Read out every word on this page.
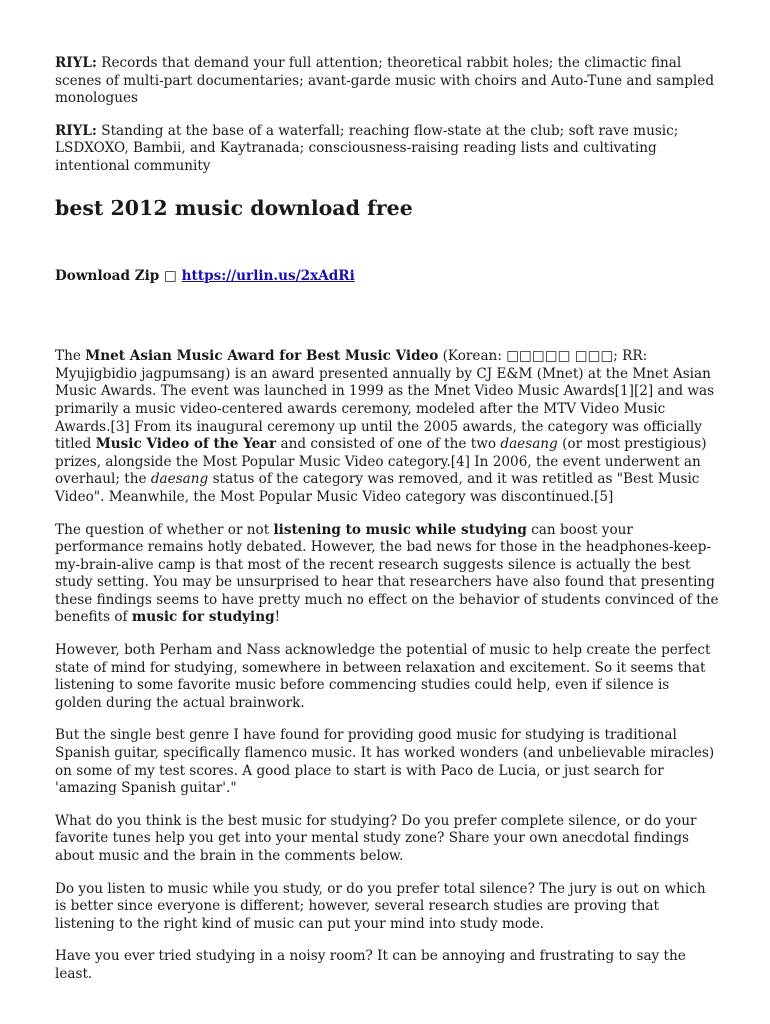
RIYL: Records that demand your full attention; theoretical rabbit holes; the climactic final scenes of multi-part documentaries; avant-garde music with choirs and Auto-Tune and sampled monologues

RIYL: Standing at the base of a waterfall; reaching flow-state at the club; soft rave music; LSDXOXO, Bambii, and Kaytranada; consciousness-raising reading lists and cultivating intentional community

best 2012 music download free

Download Zip □ https://urlin.us/2xAdRi

The Mnet Asian Music Award for Best Music Video (Korean: □□□□□ □□□; RR: Myujigbidio jagpumsang) is an award presented annually by CJ E&M (Mnet) at the Mnet Asian Music Awards. The event was launched in 1999 as the Mnet Video Music Awards[1][2] and was primarily a music video-centered awards ceremony, modeled after the MTV Video Music Awards.[3] From its inaugural ceremony up until the 2005 awards, the category was officially titled Music Video of the Year and consisted of one of the two daesang (or most prestigious) prizes, alongside the Most Popular Music Video category.[4] In 2006, the event underwent an overhaul; the daesang status of the category was removed, and it was retitled as "Best Music Video". Meanwhile, the Most Popular Music Video category was discontinued.[5]

The question of whether or not listening to music while studying can boost your performance remains hotly debated. However, the bad news for those in the headphones-keep-my-brain-alive camp is that most of the recent research suggests silence is actually the best study setting. You may be unsurprised to hear that researchers have also found that presenting these findings seems to have pretty much no effect on the behavior of students convinced of the benefits of music for studying!

However, both Perham and Nass acknowledge the potential of music to help create the perfect state of mind for studying, somewhere in between relaxation and excitement. So it seems that listening to some favorite music before commencing studies could help, even if silence is golden during the actual brainwork.

But the single best genre I have found for providing good music for studying is traditional Spanish guitar, specifically flamenco music. It has worked wonders (and unbelievable miracles) on some of my test scores. A good place to start is with Paco de Lucia, or just search for 'amazing Spanish guitar'."

What do you think is the best music for studying? Do you prefer complete silence, or do your favorite tunes help you get into your mental study zone? Share your own anecdotal findings about music and the brain in the comments below.

Do you listen to music while you study, or do you prefer total silence? The jury is out on which is better since everyone is different; however, several research studies are proving that listening to the right kind of music can put your mind into study mode.

Have you ever tried studying in a noisy room? It can be annoying and frustrating to say the least.
